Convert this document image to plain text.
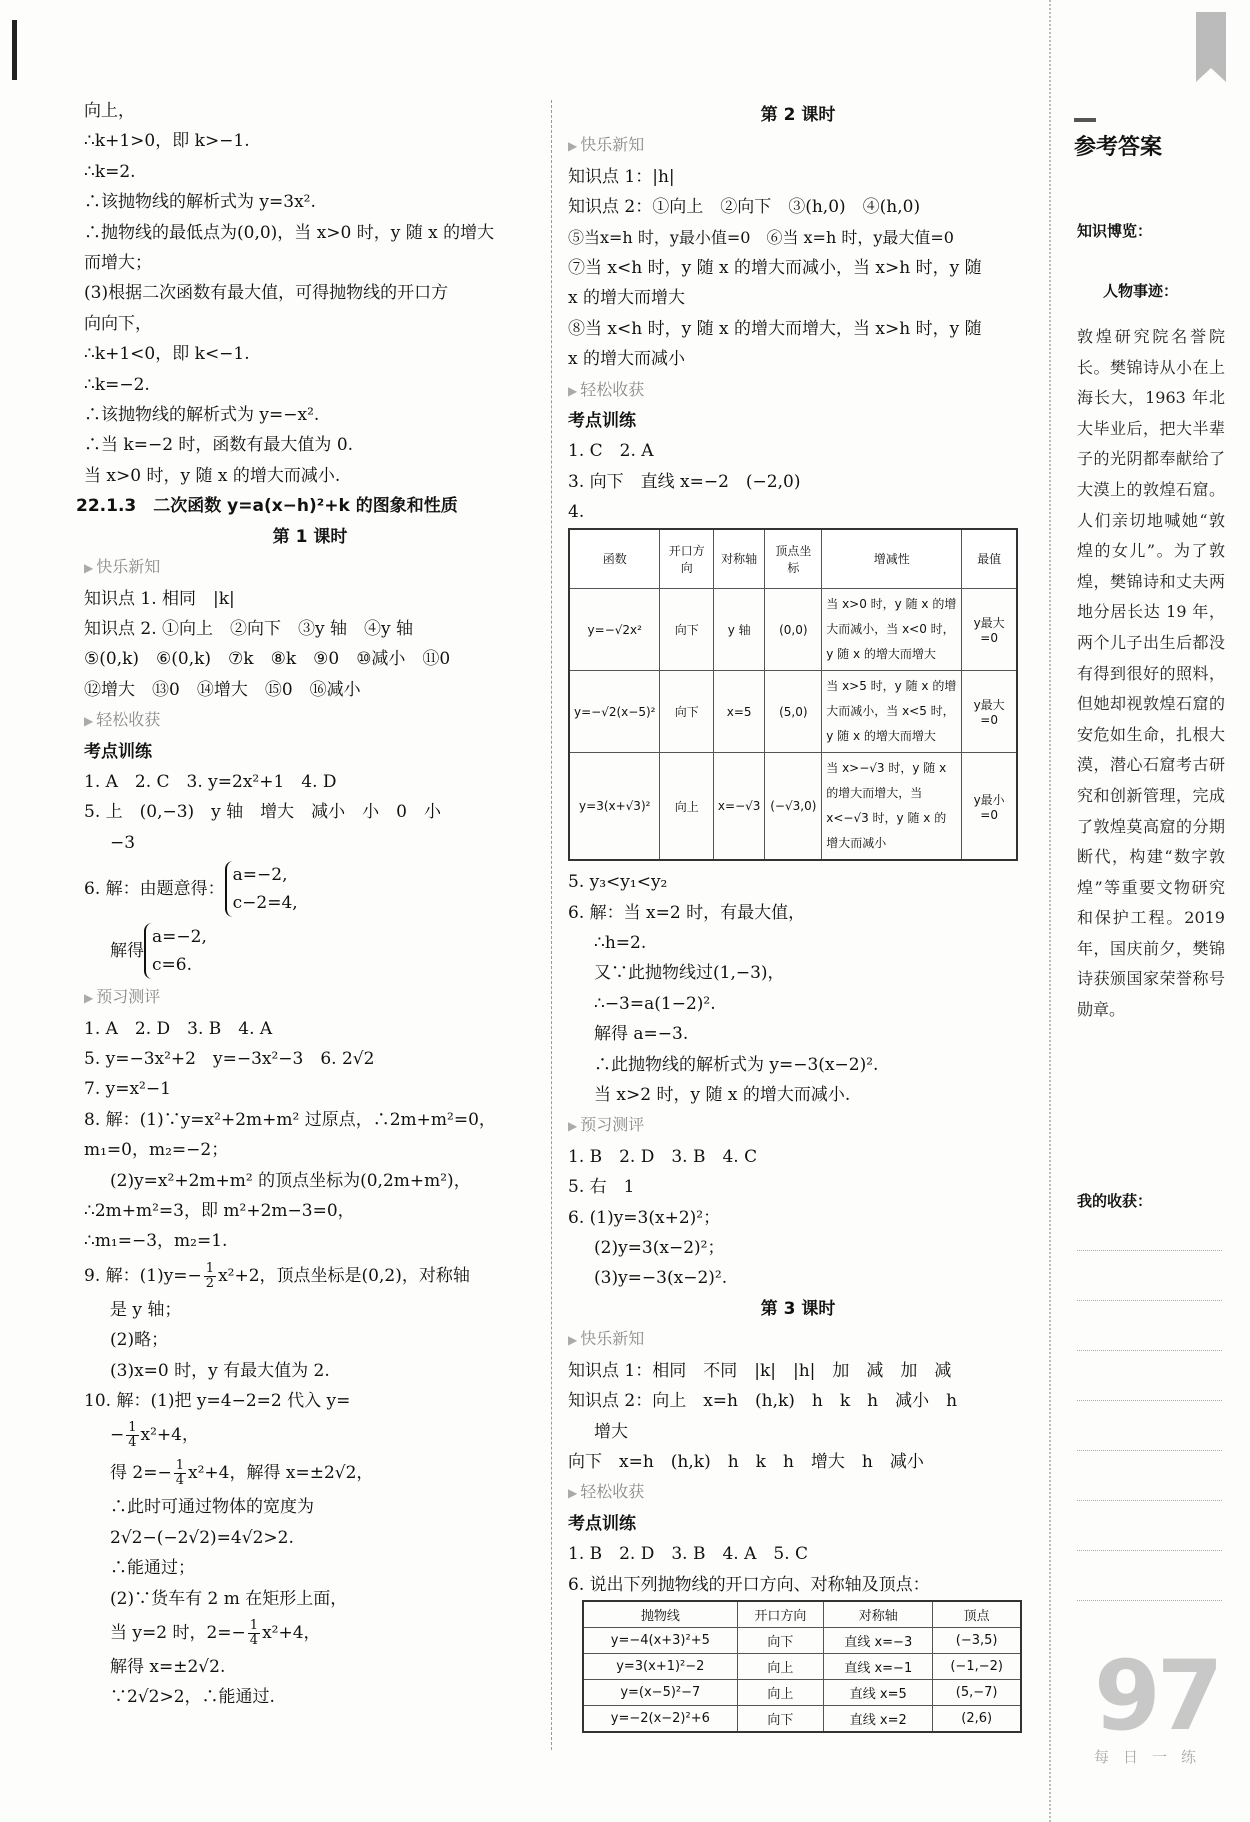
向上，
∴k+1>0，即 k>−1.
∴k=2.
∴该抛物线的解析式为 y=3x².
∴抛物线的最低点为(0,0)，当 x>0 时，y 随 x 的增大
而增大；
(3)根据二次函数有最大值，可得抛物线的开口方
向向下，
∴k+1<0，即 k<−1.
∴k=−2.
∴该抛物线的解析式为 y=−x².
∴当 k=−2 时，函数有最大值为 0.
当 x>0 时，y 随 x 的增大而减小.
22.1.3　二次函数 y=a(x−h)²+k 的图象和性质
第 1 课时
▶ 快乐新知
知识点 1. 相同　|k|
知识点 2. ①向上　②向下　③y 轴　④y 轴
⑤(0,k)　⑥(0,k)　⑦k　⑧k　⑨0　⑩减小　⑪0
⑫增大　⑬0　⑭增大　⑮0　⑯减小
▶ 轻松收获
考点训练
1. A　2. C　3. y=2x²+1　4. D
5. 上　(0,−3)　y 轴　增大　减小　小　0　小
−3
6. 解：由题意得：
a=−2,
c−2=4,
解得
a=−2,
c=6.
▶ 预习测评
1. A　2. D　3. B　4. A
5. y=−3x²+2　y=−3x²−3　6. 2√2
7. y=x²−1
8. 解：(1)∵y=x²+2m+m² 过原点，∴2m+m²=0，
m₁=0，m₂=−2；
(2)y=x²+2m+m² 的顶点坐标为(0,2m+m²)，
∴2m+m²=3，即 m²+2m−3=0，
∴m₁=−3，m₂=1.
9. 解：$(1)y=- \frac{1}{2} x^2+2$，顶点坐标是(0,2)，对称轴
是 y 轴；
(2)略；
(3)x=0 时，y 有最大值为 2.
10. 解：(1)把 y=4−2=2 代入 y=
− $\frac{1}{4} x^2+4$，
得 $2=- \frac{1}{4} x^2+4$，解得 x=±2√2，
∴此时可通过物体的宽度为
2√2−(−2√2)=4√2>2.
∴能通过；
(2)∵货车有 2 m 在矩形上面，
当 y=2 时，$2=- \frac{1}{4} x^2+4$，
解得 x=±2√2.
∵2√2>2，∴能通过.
第 2 课时
▶ 快乐新知
知识点 1：|h|
知识点 2：①向上　②向下　③(h,0)　④(h,0)
⑤当x=h 时，y最小值=0　⑥当 x=h 时，y最大值=0
⑦当 x<h 时，y 随 x 的增大而减小，当 x>h 时，y 随
x 的增大而增大
⑧当 x<h 时，y 随 x 的增大而增大，当 x>h 时，y 随
x 的增大而减小
▶ 轻松收获
考点训练
1. C　2. A
3. 向下　直线 x=−2　(−2,0)
4.
函数	开口方向	对称轴	顶点坐标	增减性	最值
y=−√2x²	向下	y 轴	(0,0)	当 x>0 时，y 随 x 的增大而减小，当 x<0 时，y 随 x 的增大而增大	y最大=0
y=−√2(x−5)²	向下	x=5	(5,0)	当 x>5 时，y 随 x 的增大而减小，当 x<5 时，y 随 x 的增大而增大	y最大=0
y=3(x+√3)²	向上	x=−√3	(−√3,0)	当 x>−√3 时，y 随 x 的增大而增大，当 x<−√3 时，y 随 x 的增大而减小	y最小=0
5. y₃<y₁<y₂
6. 解：当 x=2 时，有最大值，
∴h=2.
又∵此抛物线过(1,−3)，
∴−3=a(1−2)².
解得 a=−3.
∴此抛物线的解析式为 y=−3(x−2)².
当 x>2 时，y 随 x 的增大而减小.
▶ 预习测评
1. B　2. D　3. B　4. C
5. 右　1
6. (1)y=3(x+2)²；
(2)y=3(x−2)²；
(3)y=−3(x−2)².
第 3 课时
▶ 快乐新知
知识点 1：相同　不同　|k|　|h|　加　减　加　减
知识点 2：向上　x=h　(h,k)　h　k　h　减小　h
增大
向下　x=h　(h,k)　h　k　h　增大　h　减小
▶ 轻松收获
考点训练
1. B　2. D　3. B　4. A　5. C
6. 说出下列抛物线的开口方向、对称轴及顶点：
抛物线	开口方向	对称轴	顶点
y=−4(x+3)²+5	向下	直线 x=−3	(−3,5)
y=3(x+1)²−2	向上	直线 x=−1	(−1,−2)
y=(x−5)²−7	向上	直线 x=5	(5,−7)
y=−2(x−2)²+6	向下	直线 x=2	(2,6)
参考答案
知识博览：
人物事迹：
敦煌研究院名誉院长。樊锦诗从小在上海长大，1963 年北大毕业后，把大半辈子的光阴都奉献给了大漠上的敦煌石窟。人们亲切地喊她“敦煌的女儿”。为了敦煌，樊锦诗和丈夫两地分居长达 19 年，两个儿子出生后都没有得到很好的照料，但她却视敦煌石窟的安危如生命，扎根大漠，潜心石窟考古研究和创新管理，完成了敦煌莫高窟的分期断代，构建“数字敦煌”等重要文物研究和保护工程。2019 年，国庆前夕，樊锦诗获颁国家荣誉称号勋章。
我的收获：
97
每日一练
